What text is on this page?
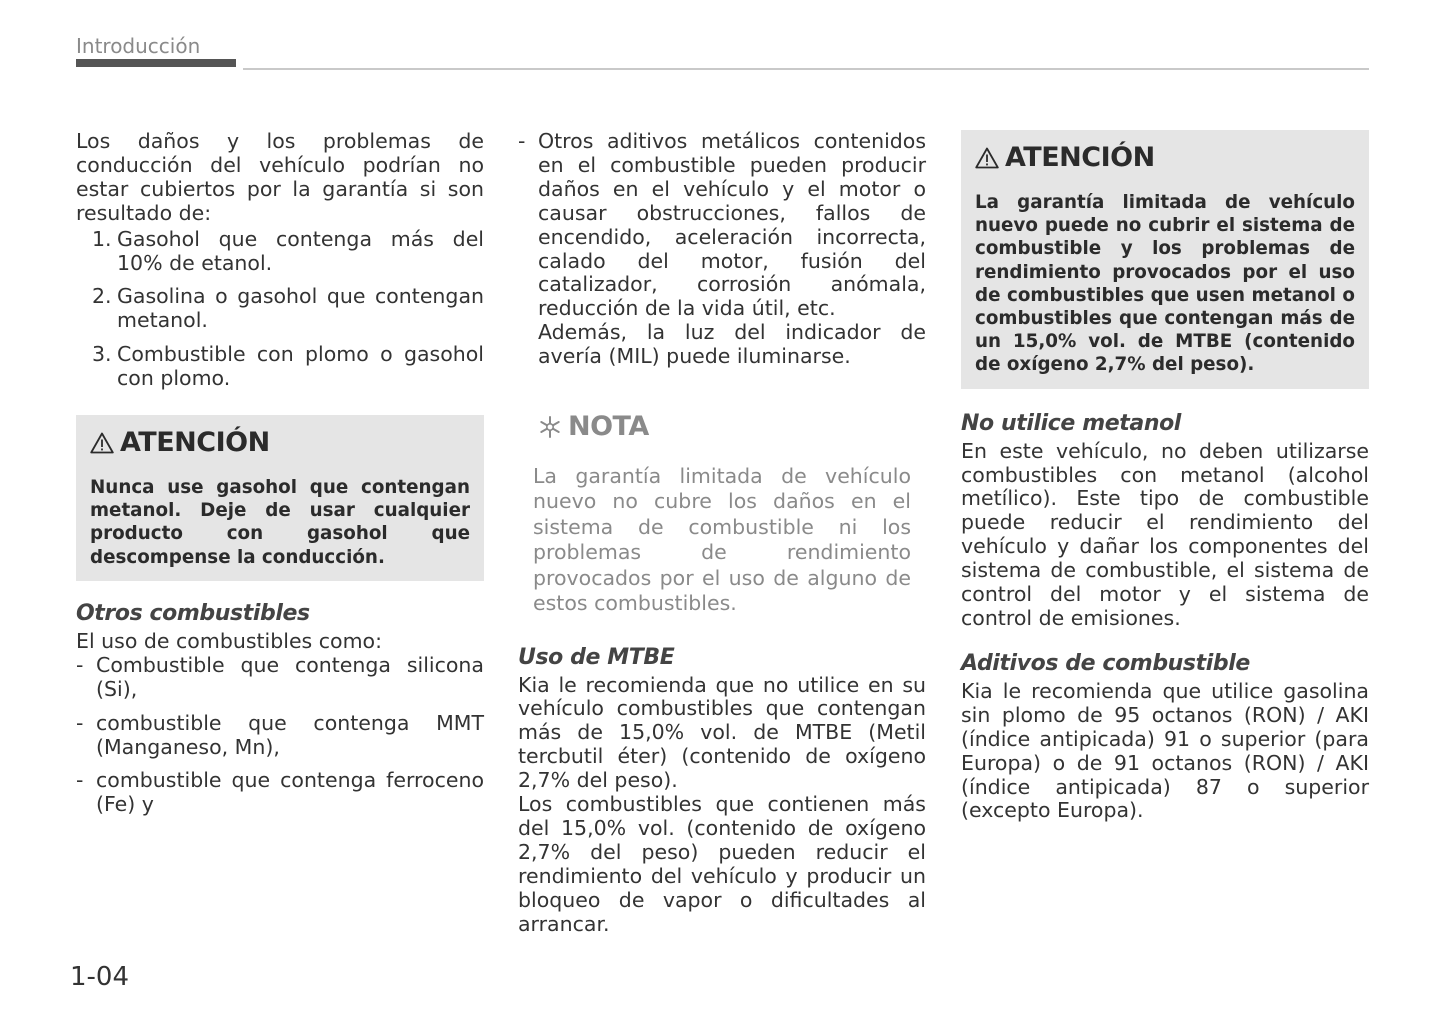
Introducción

Los daños y los problemas de conducción del vehículo podrían no estar cubiertos por la garantía si son resultado de:

1. Gasohol que contenga más del 10% de etanol.
2. Gasolina o gasohol que contengan metanol.
3. Combustible con plomo o gasohol con plomo.
ATENCIÓN

Nunca use gasohol que contengan metanol. Deje de usar cualquier producto con gasohol que descompense la conducción.

Otros combustibles

El uso de combustibles como:

- Combustible que contenga silicona (Si),
- combustible que contenga MMT (Manganeso, Mn),
- combustible que contenga ferroceno (Fe) y
- Otros aditivos metálicos contenidos en el combustible pueden producir daños en el vehículo y el motor o causar obstrucciones, fallos de encendido, aceleración incorrecta, calado del motor, fusión del catalizador, corrosión anómala, reducción de la vida útil, etc.

Además, la luz del indicador de avería (MIL) puede iluminarse.

NOTA

La garantía limitada de vehículo nuevo no cubre los daños en el sistema de combustible ni los problemas de rendimiento provocados por el uso de alguno de estos combustibles.

Uso de MTBE

Kia le recomienda que no utilice en su vehículo combustibles que contengan más de 15,0% vol. de MTBE (Metil tercbutil éter) (contenido de oxígeno 2,7% del peso).

Los combustibles que contienen más del 15,0% vol. (contenido de oxígeno 2,7% del peso) pueden reducir el rendimiento del vehículo y producir un bloqueo de vapor o dificultades al arrancar.

ATENCIÓN

La garantía limitada de vehículo nuevo puede no cubrir el sistema de combustible y los problemas de rendimiento provocados por el uso de combustibles que usen metanol o combustibles que contengan más de un 15,0% vol. de MTBE (contenido de oxígeno 2,7% del peso).

No utilice metanol

En este vehículo, no deben utilizarse combustibles con metanol (alcohol metílico). Este tipo de combustible puede reducir el rendimiento del vehículo y dañar los componentes del sistema de combustible, el sistema de control del motor y el sistema de control de emisiones.

Aditivos de combustible

Kia le recomienda que utilice gasolina sin plomo de 95 octanos (RON) / AKI (índice antipicada) 91 o superior (para Europa) o de 91 octanos (RON) / AKI (índice antipicada) 87 o superior (excepto Europa).

1-04
